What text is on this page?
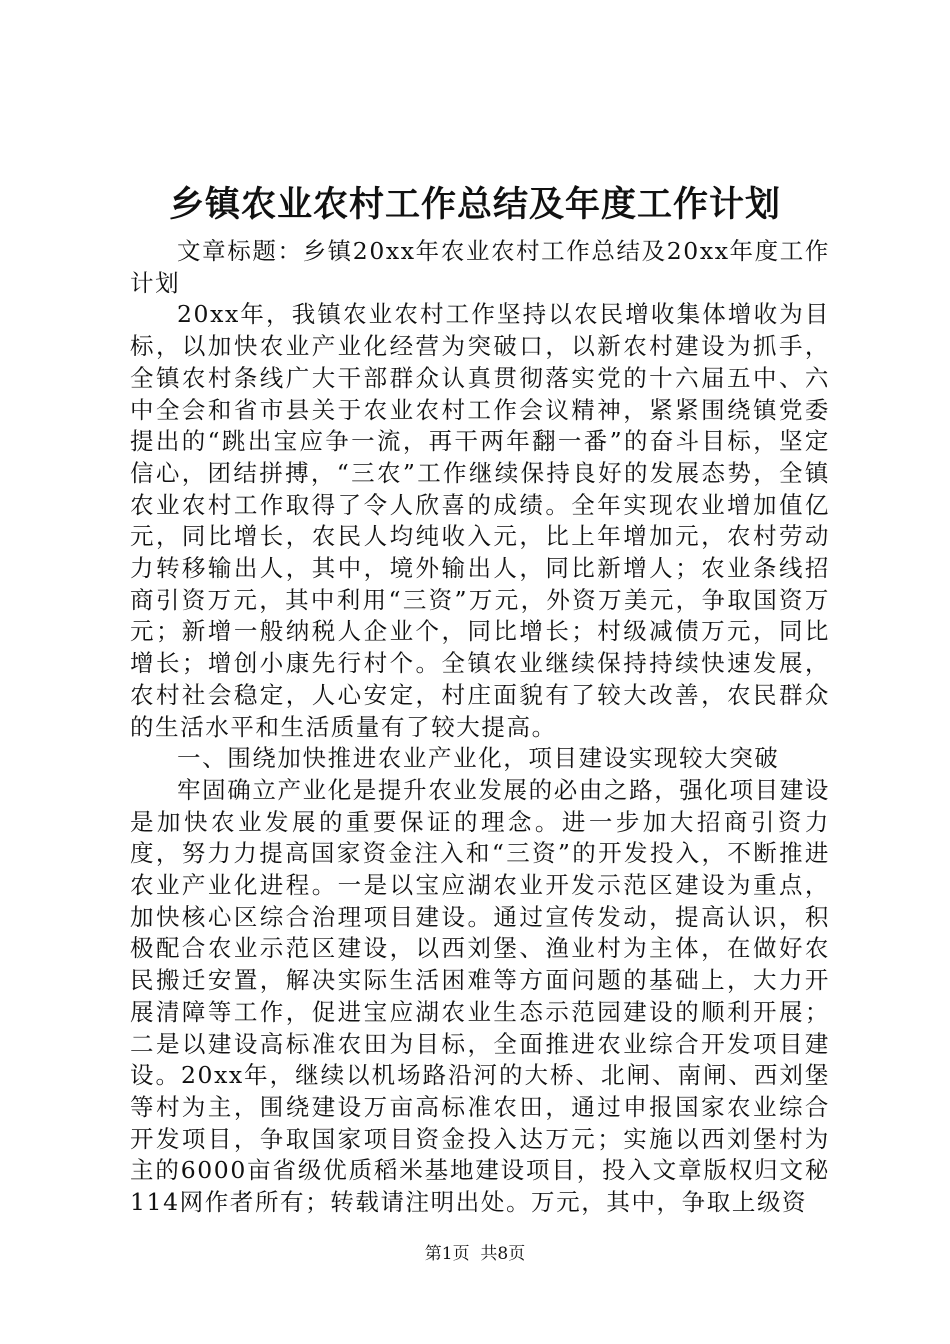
乡镇农业农村工作总结及年度工作计划

文章标题：乡镇20xx年农业农村工作总结及20xx年度工作计划

20xx年，我镇农业农村工作坚持以农民增收集体增收为目标，以加快农业产业化经营为突破口，以新农村建设为抓手，全镇农村条线广大干部群众认真贯彻落实党的十六届五中、六中全会和省市县关于农业农村工作会议精神，紧紧围绕镇党委提出的“跳出宝应争一流，再干两年翻一番”的奋斗目标，坚定信心，团结拼搏，“三农”工作继续保持良好的发展态势，全镇农业农村工作取得了令人欣喜的成绩。全年实现农业增加值亿元，同比增长，农民人均纯收入元，比上年增加元，农村劳动力转移输出人，其中，境外输出人，同比新增人；农业条线招商引资万元，其中利用“三资”万元，外资万美元，争取国资万元；新增一般纳税人企业个，同比增长；村级减债万元，同比增长；增创小康先行村个。全镇农业继续保持持续快速发展，农村社会稳定，人心安定，村庄面貌有了较大改善，农民群众的生活水平和生活质量有了较大提高。

一、围绕加快推进农业产业化，项目建设实现较大突破

牢固确立产业化是提升农业发展的必由之路，强化项目建设是加快农业发展的重要保证的理念。进一步加大招商引资力度，努力力提高国家资金注入和“三资”的开发投入，不断推进农业产业化进程。一是以宝应湖农业开发示范区建设为重点，加快核心区综合治理项目建设。通过宣传发动，提高认识，积极配合农业示范区建设，以西刘堡、渔业村为主体，在做好农民搬迁安置，解决实际生活困难等方面问题的基础上，大力开展清障等工作，促进宝应湖农业生态示范园建设的顺利开展；二是以建设高标准农田为目标，全面推进农业综合开发项目建设。20xx年，继续以机场路沿河的大桥、北闸、南闸、西刘堡等村为主，围绕建设万亩高标准农田，通过申报国家农业综合开发项目，争取国家项目资金投入达万元；实施以西刘堡村为主的6000亩省级优质稻米基地建设项目，投入文章版权归文秘114网作者所有；转载请注明出处。万元，其中，争取上级资

第1页  共8页
